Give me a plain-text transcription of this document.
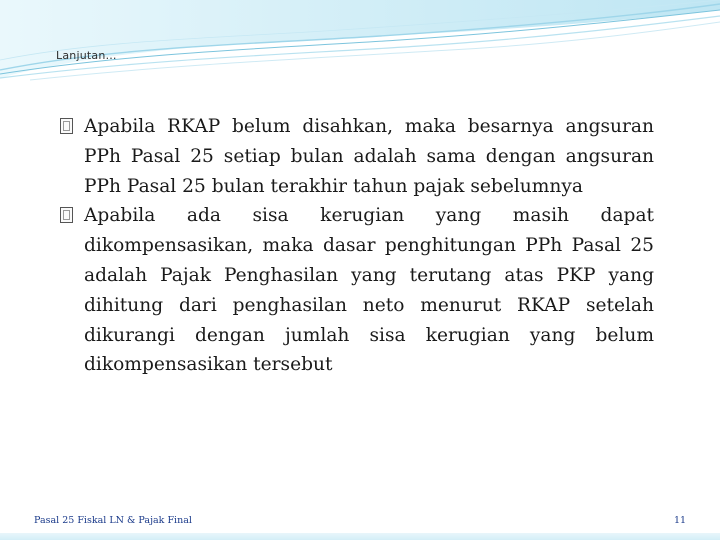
Lanjutan…

Apabila RKAP belum disahkan, maka besarnya angsuran PPh Pasal 25 setiap bulan adalah sama dengan angsuran PPh Pasal 25 bulan terakhir tahun pajak sebelumnya

Apabila ada sisa kerugian yang masih dapat dikompensasikan, maka dasar penghitungan PPh Pasal 25 adalah Pajak Penghasilan yang terutang atas PKP yang dihitung dari penghasilan neto menurut RKAP setelah dikurangi dengan jumlah sisa kerugian yang belum dikompensasikan tersebut

Pasal 25 Fiskal LN & Pajak Final	11
